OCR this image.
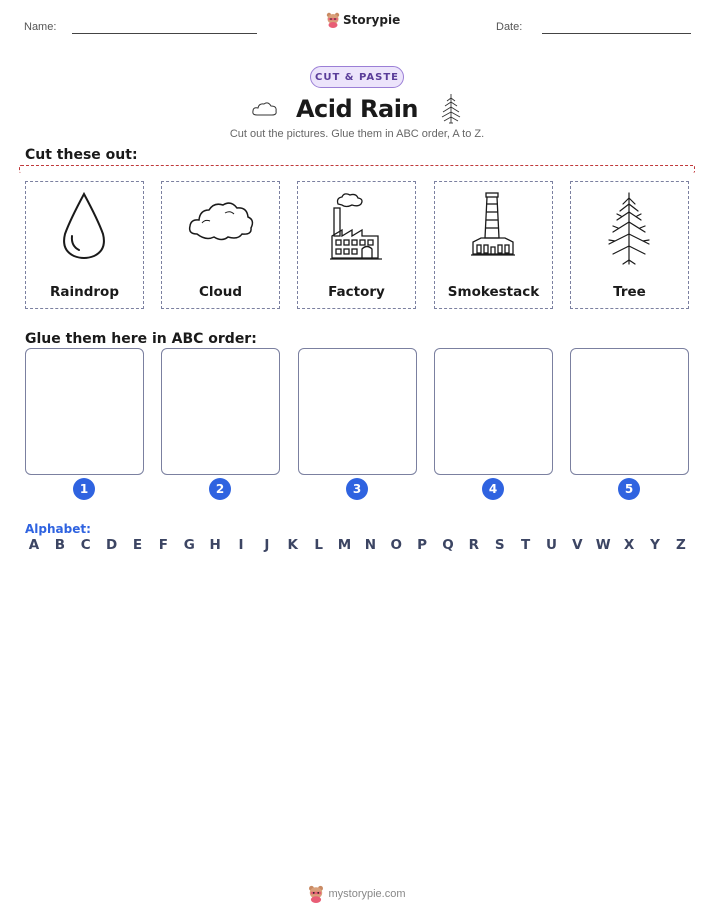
Name:	Storypie	Date:
CUT & PASTE
Acid Rain
Cut out the pictures. Glue them in ABC order, A to Z.
Cut these out:
Raindrop	Cloud	Factory	Smokestack	Tree
Glue them here in ABC order:
1	2	3	4	5
Alphabet:
A B C D	E	F	G H	I	J	K	L	M N O P Q R	S	T	U V W X	Y	Z
mystorypie.com
